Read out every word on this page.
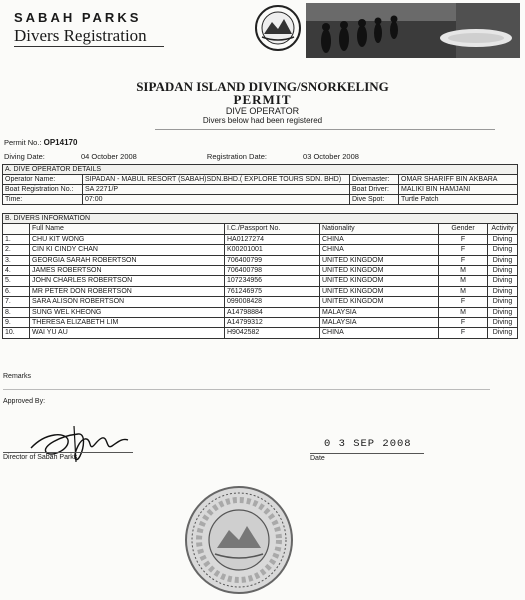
SABAH PARKS
Divers Registration
SIPADAN ISLAND DIVING/SNORKELING
PERMIT
DIVE OPERATOR
Divers below had been registered
Permit No.: OP14170
Diving Date:	04 October 2008	Registration Date:	03 October 2008
A. DIVE OPERATOR DETAILS			
Operator Name:	SIPADAN - MABUL RESORT (SABAH)SDN.BHD.( EXPLORE TOURS SDN. BHD)	Divemaster:	OMAR SHARIFF BIN AKBARA
Boat Registration No.:	SA 2271/P	Boat Driver:	MALIKI BIN HAMJANI
Time:	07:00	Dive Spot:	Turtle Patch
B. DIVERS INFORMATION					
	Full Name	I.C./Passport No.	Nationality	Gender	Activity
1.	CHU KIT WONG	HA0127274	CHINA	F	Diving
2.	CIN KI CINDY CHAN	K00201001	CHINA	F	Diving
3.	GEORGIA SARAH ROBERTSON	706400799	UNITED KINGDOM	F	Diving
4.	JAMES ROBERTSON	706400798	UNITED KINGDOM	M	Diving
5.	JOHN CHARLES ROBERTSON	107234956	UNITED KINGDOM	M	Diving
6.	MR PETER DON ROBERTSON	761246975	UNITED KINGDOM	M	Diving
7.	SARA ALISON ROBERTSON	099008428	UNITED KINGDOM	F	Diving
8.	SUNG WEL KHEONG	A14798884	MALAYSIA	M	Diving
9.	THERESA ELIZABETH LIM	A14799312	MALAYSIA	F	Diving
10.	WAI YU AU	H9042582	CHINA	F	Diving
Remarks
Approved By:
Director of Sabah Parks
0 3 SEP 2008
Date
